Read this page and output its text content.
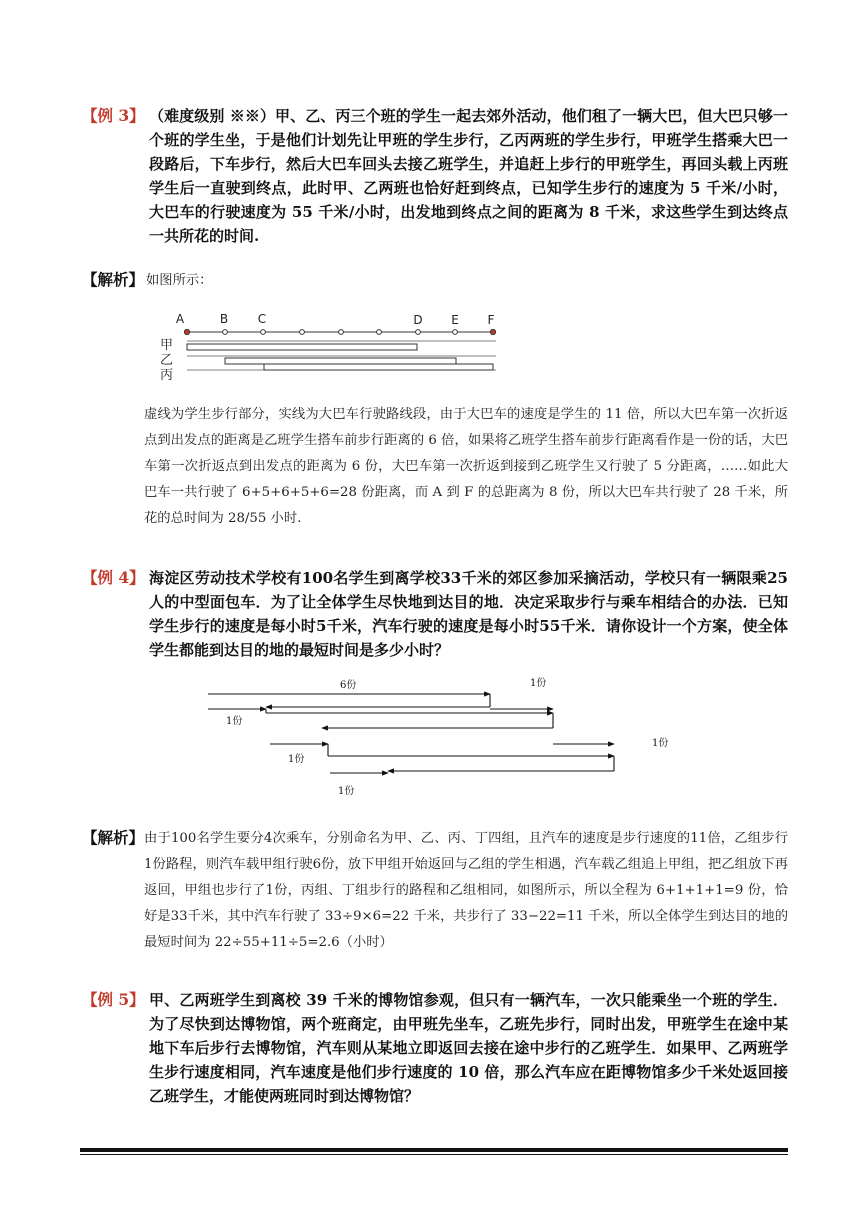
【例 3】 （难度级别 ※※）甲、乙、丙三个班的学生一起去郊外活动，他们租了一辆大巴，但大巴只够一个班的学生坐，于是他们计划先让甲班的学生步行，乙丙两班的学生步行，甲班学生搭乘大巴一段路后，下车步行，然后大巴车回头去接乙班学生，并追赶上步行的甲班学生，再回头载上丙班学生后一直驶到终点，此时甲、乙两班也恰好赶到终点，已知学生步行的速度为 5 千米/小时，大巴车的行驶速度为 55 千米/小时，出发地到终点之间的距离为 8 千米，求这些学生到达终点一共所花的时间.
【解析】 如图所示：
A	B C	D E F
甲
乙
丙
虚线为学生步行部分，实线为大巴车行驶路线段，由于大巴车的速度是学生的 11 倍，所以大巴车第一次折返点到出发点的距离是乙班学生搭车前步行距离的 6 倍，如果将乙班学生搭车前步行距离看作是一份的话，大巴车第一次折返点到出发点的距离为 6 份，大巴车第一次折返到接到乙班学生又行驶了 5 分距离，……如此大巴车一共行驶了 6+5+6+5+6=28 份距离，而 A 到 F 的总距离为 8 份，所以大巴车共行驶了 28 千米，所花的总时间为 28/55 小时.
【例 4】 海淀区劳动技术学校有100名学生到离学校33千米的郊区参加采摘活动，学校只有一辆限乘25人的中型面包车．为了让全体学生尽快地到达目的地．决定采取步行与乘车相结合的办法．已知学生步行的速度是每小时5千米，汽车行驶的速度是每小时55千米．请你设计一个方案，使全体学生都能到达目的地的最短时间是多少小时？
6份	1份
1份
1份
1份
1份
【解析】 由于100名学生要分4次乘车，分别命名为甲、乙、丙、丁四组，且汽车的速度是步行速度的11倍，乙组步行1份路程，则汽车载甲组行驶6份，放下甲组开始返回与乙组的学生相遇，汽车载乙组追上甲组，把乙组放下再返回，甲组也步行了1份，丙组、丁组步行的路程和乙组相同，如图所示，所以全程为 6+1+1+1=9 份，恰好是33千米，其中汽车行驶了 33÷9×6=22 千米，共步行了 33−22=11 千米，所以全体学生到达目的地的最短时间为 22÷55+11÷5=2.6（小时）
【例 5】 甲、乙两班学生到离校 39 千米的博物馆参观，但只有一辆汽车，一次只能乘坐一个班的学生．为了尽快到达博物馆，两个班商定，由甲班先坐车，乙班先步行，同时出发，甲班学生在途中某地下车后步行去博物馆，汽车则从某地立即返回去接在途中步行的乙班学生．如果甲、乙两班学生步行速度相同，汽车速度是他们步行速度的 10 倍，那么汽车应在距博物馆多少千米处返回接乙班学生，才能使两班同时到达博物馆？
